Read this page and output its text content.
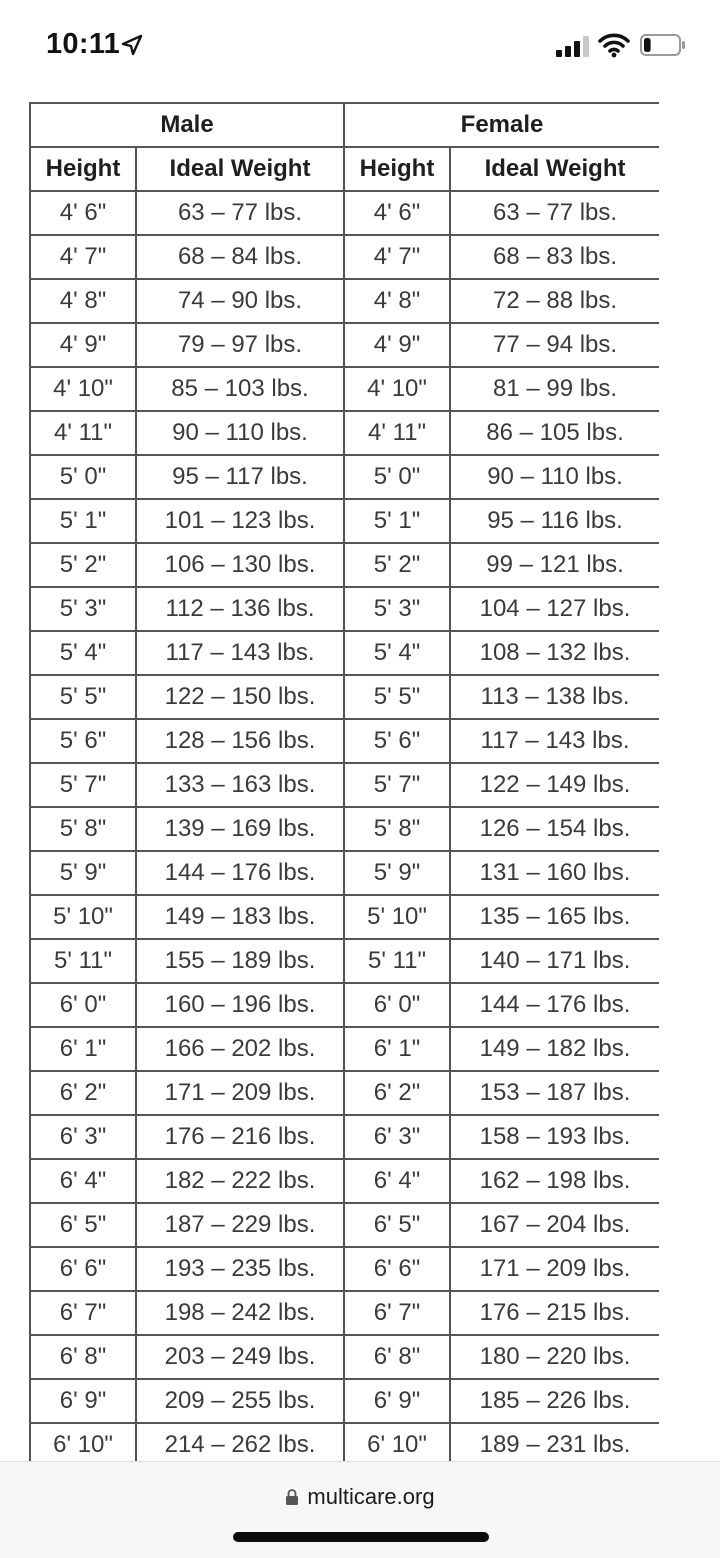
10:11
Male		Female	
Height	Ideal Weight	Height	Ideal Weight
4' 6"	63 – 77 lbs.	4' 6"	63 – 77 lbs.
4' 7"	68 – 84 lbs.	4' 7"	68 – 83 lbs.
4' 8"	74 – 90 lbs.	4' 8"	72 – 88 lbs.
4' 9"	79 – 97 lbs.	4' 9"	77 – 94 lbs.
4' 10"	85 – 103 lbs.	4' 10"	81 – 99 lbs.
4' 11"	90 – 110 lbs.	4' 11"	86 – 105 lbs.
5' 0"	95 – 117 lbs.	5' 0"	90 – 110 lbs.
5' 1"	101 – 123 lbs.	5' 1"	95 – 116 lbs.
5' 2"	106 – 130 lbs.	5' 2"	99 – 121 lbs.
5' 3"	112 – 136 lbs.	5' 3"	104 – 127 lbs.
5' 4"	117 – 143 lbs.	5' 4"	108 – 132 lbs.
5' 5"	122 – 150 lbs.	5' 5"	113 – 138 lbs.
5' 6"	128 – 156 lbs.	5' 6"	117 – 143 lbs.
5' 7"	133 – 163 lbs.	5' 7"	122 – 149 lbs.
5' 8"	139 – 169 lbs.	5' 8"	126 – 154 lbs.
5' 9"	144 – 176 lbs.	5' 9"	131 – 160 lbs.
5' 10"	149 – 183 lbs.	5' 10"	135 – 165 lbs.
5' 11"	155 – 189 lbs.	5' 11"	140 – 171 lbs.
6' 0"	160 – 196 lbs.	6' 0"	144 – 176 lbs.
6' 1"	166 – 202 lbs.	6' 1"	149 – 182 lbs.
6' 2"	171 – 209 lbs.	6' 2"	153 – 187 lbs.
6' 3"	176 – 216 lbs.	6' 3"	158 – 193 lbs.
6' 4"	182 – 222 lbs.	6' 4"	162 – 198 lbs.
6' 5"	187 – 229 lbs.	6' 5"	167 – 204 lbs.
6' 6"	193 – 235 lbs.	6' 6"	171 – 209 lbs.
6' 7"	198 – 242 lbs.	6' 7"	176 – 215 lbs.
6' 8"	203 – 249 lbs.	6' 8"	180 – 220 lbs.
6' 9"	209 – 255 lbs.	6' 9"	185 – 226 lbs.
6' 10"	214 – 262 lbs.	6' 10"	189 – 231 lbs.
multicare.org
